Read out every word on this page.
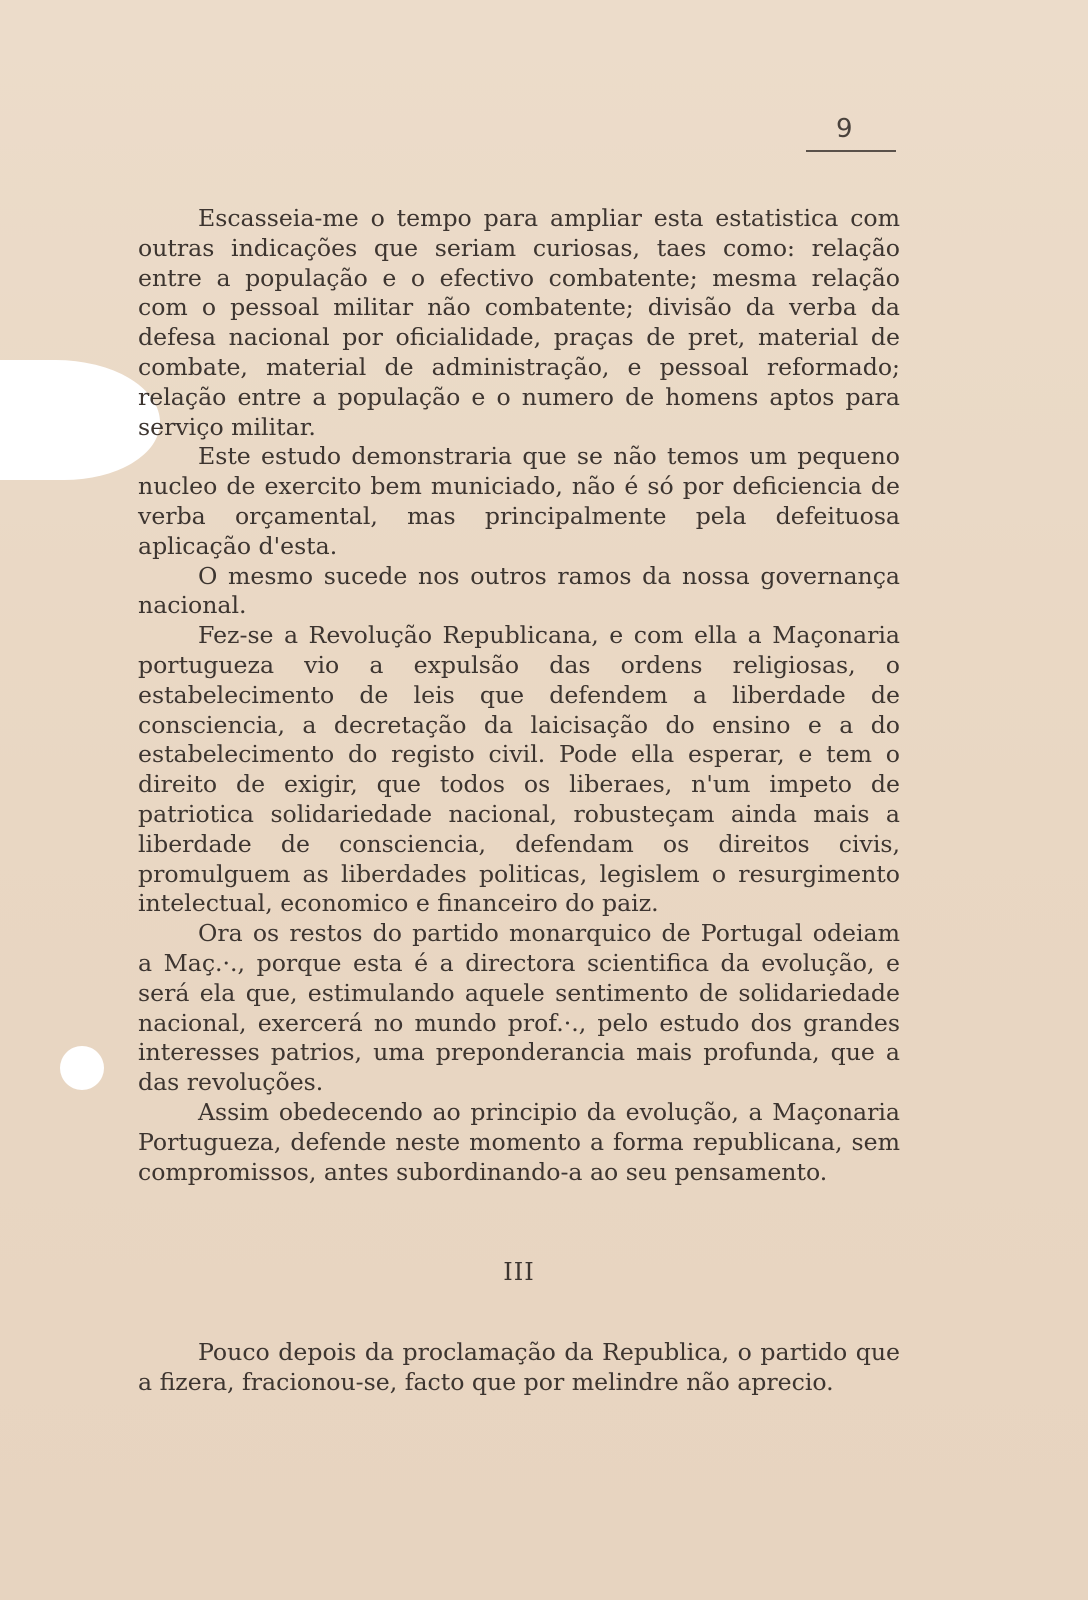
9

Escasseia-me o tempo para ampliar esta estatistica com outras indicações que seriam curiosas, taes como: relação entre a população e o efectivo combatente; mesma relação com o pessoal militar não combatente; divisão da verba da defesa nacional por oficialidade, praças de pret, material de combate, material de administração, e pessoal reformado; relação entre a população e o numero de homens aptos para serviço militar.

Este estudo demonstraria que se não temos um pequeno nucleo de exercito bem municiado, não é só por deficiencia de verba orçamental, mas principalmente pela defeituosa aplicação d'esta.

O mesmo sucede nos outros ramos da nossa governança nacional.

Fez-se a Revolução Republicana, e com ella a Maçonaria portugueza vio a expulsão das ordens religiosas, o estabelecimento de leis que defendem a liberdade de consciencia, a decretação da laicisação do ensino e a do estabelecimento do registo civil. Pode ella esperar, e tem o direito de exigir, que todos os liberaes, n'um impeto de patriotica solidariedade nacional, robusteçam ainda mais a liberdade de consciencia, defendam os direitos civis, promulguem as liberdades politicas, legislem o resurgimento intelectual, economico e financeiro do paiz.

Ora os restos do partido monarquico de Portugal odeiam a Maç.·., porque esta é a directora scientifica da evolução, e será ela que, estimulando aquele sentimento de solidariedade nacional, exercerá no mundo prof.·., pelo estudo dos grandes interesses patrios, uma preponderancia mais profunda, que a das revoluções.

Assim obedecendo ao principio da evolução, a Maçonaria Portugueza, defende neste momento a forma republicana, sem compromissos, antes subordinando-a ao seu pensamento.

III

Pouco depois da proclamação da Republica, o partido que a fizera, fracionou-se, facto que por melindre não aprecio.
